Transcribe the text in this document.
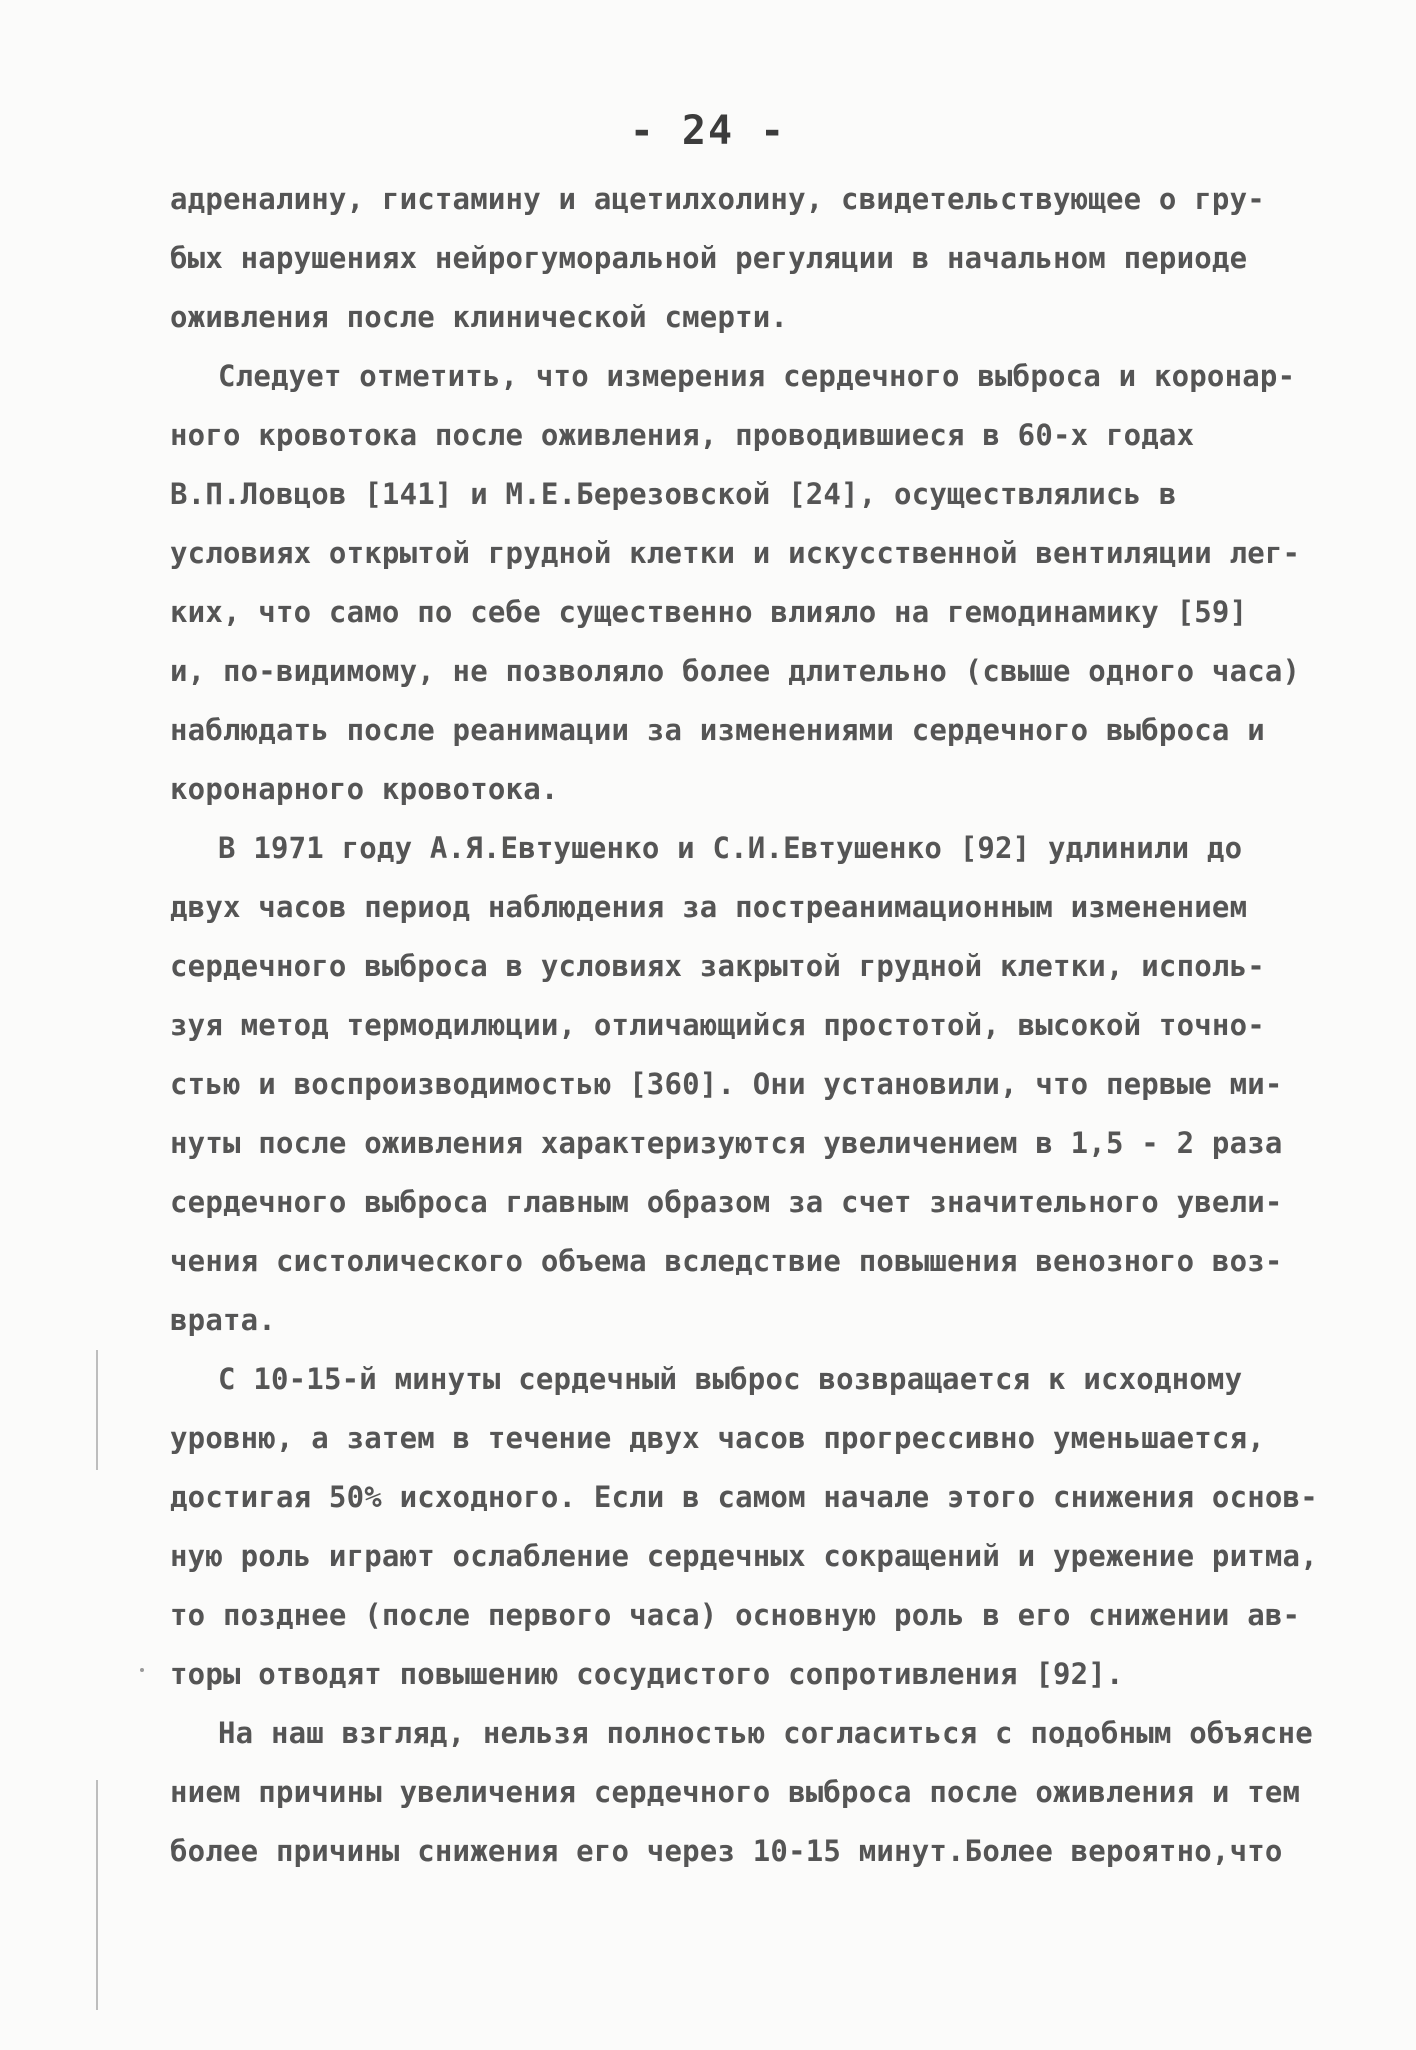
- 24 -
адреналину, гистамину и ацетилхолину, свидетельствующее о гру-
бых нарушениях нейрогуморальной регуляции в начальном периоде
оживления после клинической смерти.
Следует отметить, что измерения сердечного выброса и коронар-
ного кровотока после оживления, проводившиеся в 60-х годах
В.П.Ловцов [141] и М.Е.Березовской [24], осуществлялись в
условиях открытой грудной клетки и искусственной вентиляции лег-
ких, что само по себе существенно влияло на гемодинамику [59]
и, по-видимому, не позволяло более длительно (свыше одного часа)
наблюдать после реанимации за изменениями сердечного выброса и
коронарного кровотока.
В 1971 году А.Я.Евтушенко и С.И.Евтушенко [92] удлинили до
двух часов период наблюдения за постреанимационным изменением
сердечного выброса в условиях закрытой грудной клетки, исполь-
зуя метод термодилюции, отличающийся простотой, высокой точно-
стью и воспроизводимостью [360]. Они установили, что первые ми-
нуты после оживления характеризуются увеличением в 1,5 - 2 раза
сердечного выброса главным образом за счет значительного увели-
чения систолического объема вследствие повышения венозного воз-
врата.
С 10-15-й минуты сердечный выброс возвращается к исходному
уровню, а затем в течение двух часов прогрессивно уменьшается,
достигая 50% исходного. Если в самом начале этого снижения основ-
ную роль играют ослабление сердечных сокращений и урежение ритма,
то позднее (после первого часа) основную роль в его снижении ав-
торы отводят повышению сосудистого сопротивления [92].
На наш взгляд, нельзя полностью согласиться с подобным объясне
нием причины увеличения сердечного выброса после оживления и тем
более причины снижения его через 10-15 минут.Более вероятно,что
